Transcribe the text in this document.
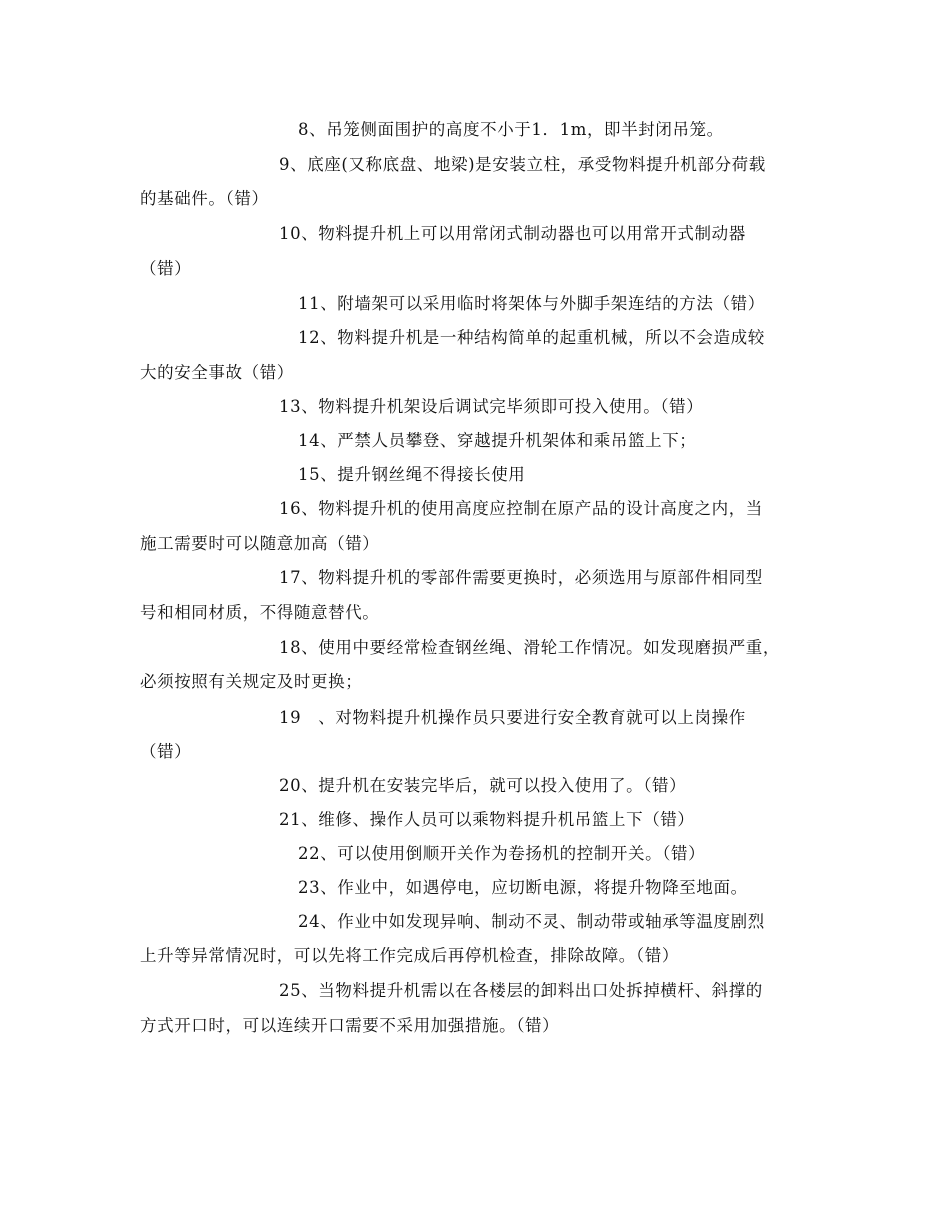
8、吊笼侧面围护的高度不小于1．1m，即半封闭吊笼。
9、底座(又称底盘、地梁)是安装立柱，承受物料提升机部分荷载
的基础件。（错）
10、物料提升机上可以用常闭式制动器也可以用常开式制动器
（错）
11、附墙架可以采用临时将架体与外脚手架连结的方法（错）
12、物料提升机是一种结构简单的起重机械，所以不会造成较
大的安全事故（错）
13、物料提升机架设后调试完毕须即可投入使用。（错）
14、严禁人员攀登、穿越提升机架体和乘吊篮上下；
15、提升钢丝绳不得接长使用
16、物料提升机的使用高度应控制在原产品的设计高度之内，当
施工需要时可以随意加高（错）
17、物料提升机的零部件需要更换时，必须选用与原部件相同型
号和相同材质，不得随意替代。
18、使用中要经常检查钢丝绳、滑轮工作情况。如发现磨损严重，
必须按照有关规定及时更换；
19　、对物料提升机操作员只要进行安全教育就可以上岗操作
（错）
20、提升机在安装完毕后，就可以投入使用了。（错）
21、维修、操作人员可以乘物料提升机吊篮上下（错）
22、可以使用倒顺开关作为卷扬机的控制开关。（错）
23、作业中，如遇停电，应切断电源，将提升物降至地面。
24、作业中如发现异响、制动不灵、制动带或轴承等温度剧烈
上升等异常情况时，可以先将工作完成后再停机检查，排除故障。（错）
25、当物料提升机需以在各楼层的卸料出口处拆掉横杆、斜撑的
方式开口时，可以连续开口需要不采用加强措施。（错）
